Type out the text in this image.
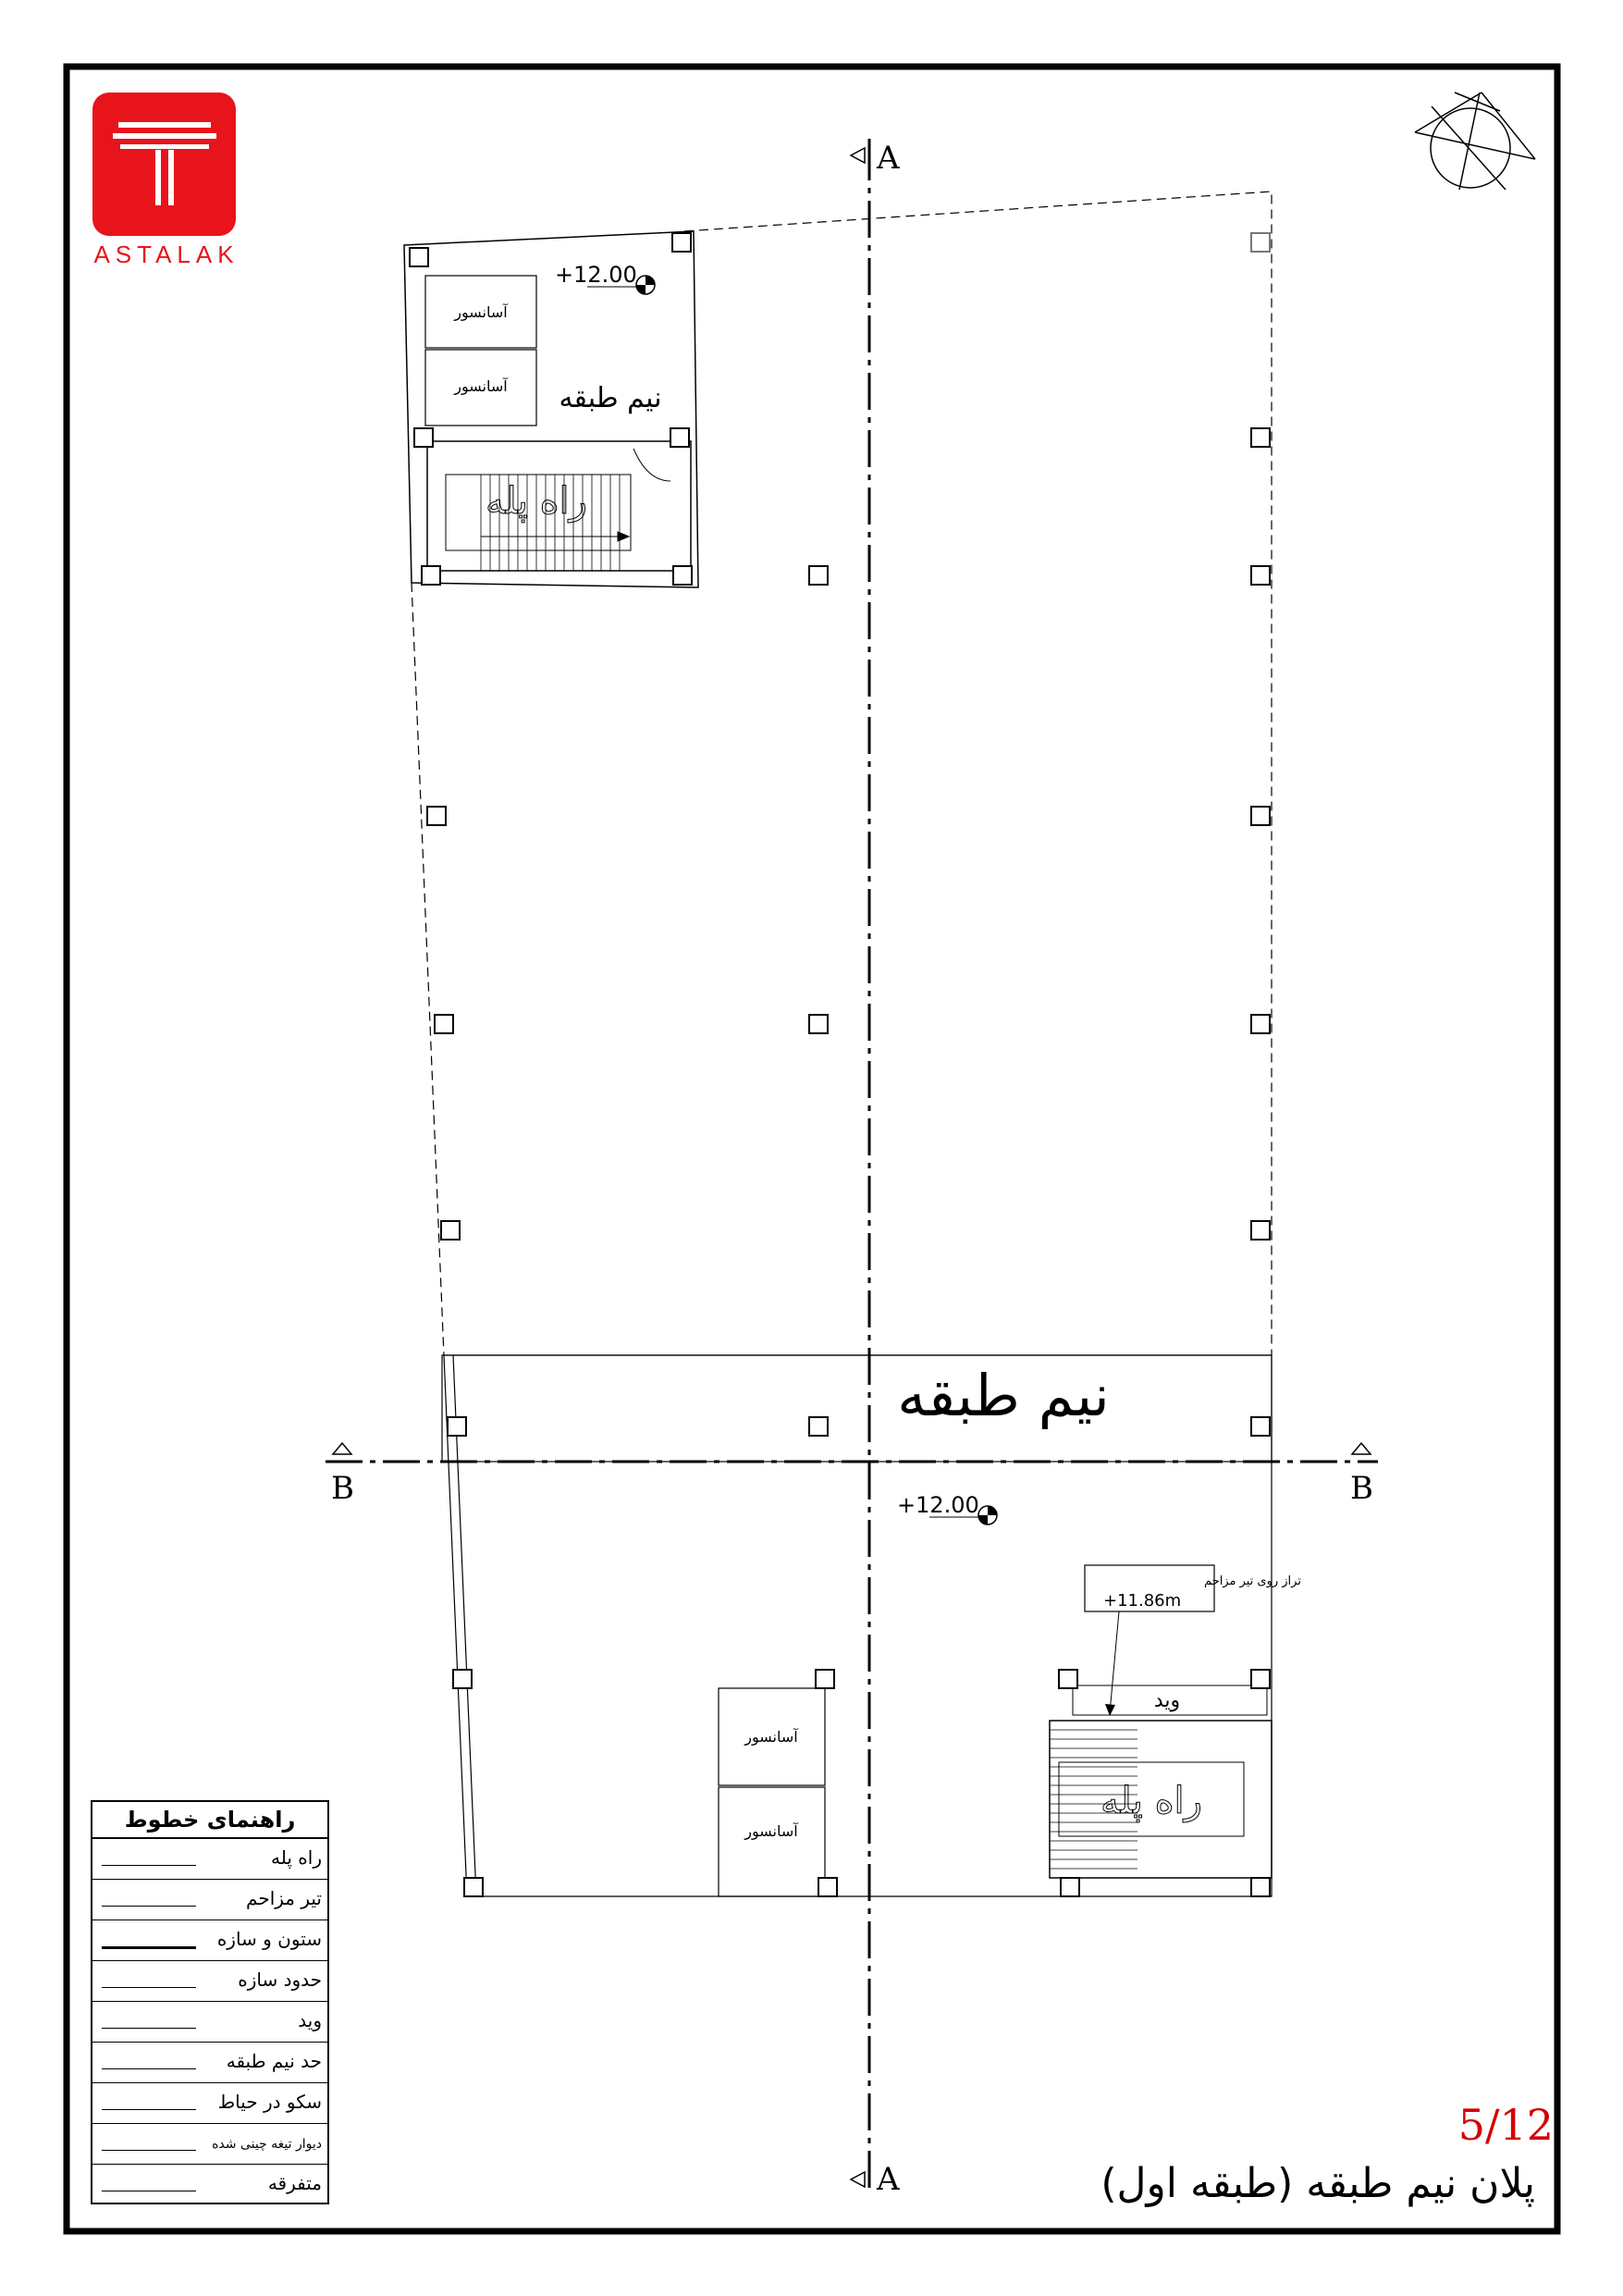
A
A
B	B
+12.00
+12.00
تراز روی تیر مزاحم
+11.86m
آسانسور
آسانسور
آسانسور
آسانسور
نیم طبقه
نیم طبقه
راه پله
راه پله
وید
ASTALAK
5/12
پلان نیم طبقه (طبقه اول)
راهنمای خطوط
راه پله
تیر مزاحم
ستون و سازه
حدود سازه
وید
حد نیم طبقه
سکو در حیاط
دیوار تیغه چینی شده
متفرقه
